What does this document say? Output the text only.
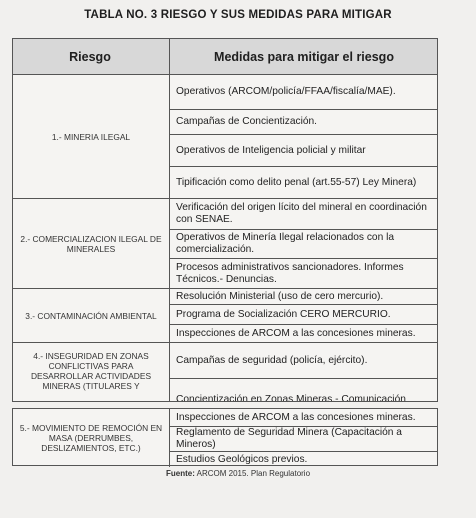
TABLA NO. 3 RIESGO Y SUS MEDIDAS PARA MITIGAR
Riesgo	Medidas para mitigar el riesgo
1.- MINERIA ILEGAL
Operativos (ARCOM/policía/FFAA/fiscalía/MAE).
Campañas de Concientización.
Operativos de Inteligencia policial y militar
Tipificación como delito penal (art.55-57) Ley Minera)
2.- COMERCIALIZACION ILEGAL DE MINERALES
Verificación del origen lícito del mineral en coordinación con SENAE.
Operativos de Minería Ilegal relacionados con la comercialización.
Procesos administrativos sancionadores. Informes Técnicos.- Denuncias.
3.- CONTAMINACIÓN AMBIENTAL
Resolución Ministerial (uso de cero mercurio).
Programa de Socialización CERO MERCURIO.
Inspecciones de ARCOM a las concesiones mineras.
4.- INSEGURIDAD EN ZONAS CONFLICTIVAS PARA DESARROLLAR ACTIVIDADES MINERAS (TITULARES Y
Campañas de seguridad (policía, ejército).
Concientización en Zonas Mineras.- Comunicación
5.- MOVIMIENTO DE REMOCIÓN EN MASA (DERRUMBES, DESLIZAMIENTOS, ETC.)
Inspecciones de ARCOM a las concesiones mineras.
Reglamento de Seguridad Minera (Capacitación a Mineros)
Estudios Geológicos previos.
Fuente: ARCOM 2015. Plan Regulatorio
